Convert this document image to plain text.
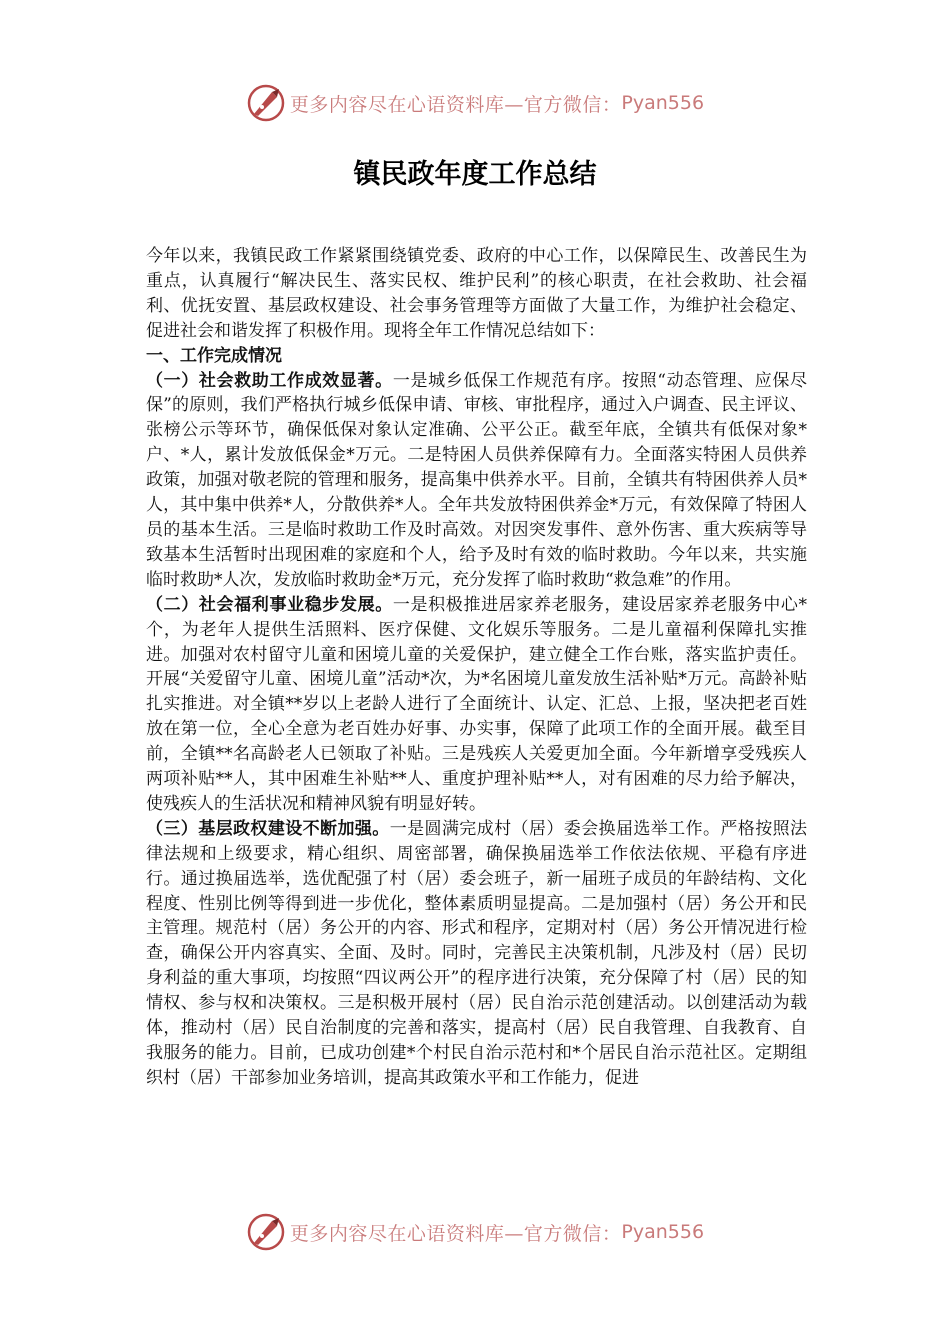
更多内容尽在心语资料库—官方微信： Pyan556
镇民政年度工作总结

今年以来，我镇民政工作紧紧围绕镇党委、政府的中心工作，以保障民生、改善民生为重点，认真履行“解决民生、落实民权、维护民利”的核心职责，在社会救助、社会福利、优抚安置、基层政权建设、社会事务管理等方面做了大量工作，为维护社会稳定、促进社会和谐发挥了积极作用。现将全年工作情况总结如下：

一、工作完成情况

（一）社会救助工作成效显著。一是城乡低保工作规范有序。按照“动态管理、应保尽保”的原则，我们严格执行城乡低保申请、审核、审批程序，通过入户调查、民主评议、张榜公示等环节，确保低保对象认定准确、公平公正。截至年底，全镇共有低保对象*户、*人，累计发放低保金*万元。二是特困人员供养保障有力。全面落实特困人员供养政策，加强对敬老院的管理和服务，提高集中供养水平。目前，全镇共有特困供养人员*人，其中集中供养*人，分散供养*人。全年共发放特困供养金*万元，有效保障了特困人员的基本生活。三是临时救助工作及时高效。对因突发事件、意外伤害、重大疾病等导致基本生活暂时出现困难的家庭和个人，给予及时有效的临时救助。今年以来，共实施临时救助*人次，发放临时救助金*万元，充分发挥了临时救助“救急难”的作用。

（二）社会福利事业稳步发展。一是积极推进居家养老服务，建设居家养老服务中心*个，为老年人提供生活照料、医疗保健、文化娱乐等服务。二是儿童福利保障扎实推进。加强对农村留守儿童和困境儿童的关爱保护，建立健全工作台账，落实监护责任。开展“关爱留守儿童、困境儿童”活动*次，为*名困境儿童发放生活补贴*万元。高龄补贴扎实推进。对全镇**岁以上老龄人进行了全面统计、认定、汇总、上报，坚决把老百姓放在第一位，全心全意为老百姓办好事、办实事，保障了此项工作的全面开展。截至目前，全镇**名高龄老人已领取了补贴。三是残疾人关爱更加全面。今年新增享受残疾人两项补贴**人，其中困难生补贴**人、重度护理补贴**人，对有困难的尽力给予解决，使残疾人的生活状况和精神风貌有明显好转。

（三）基层政权建设不断加强。一是圆满完成村（居）委会换届选举工作。严格按照法律法规和上级要求，精心组织、周密部署，确保换届选举工作依法依规、平稳有序进行。通过换届选举，选优配强了村（居）委会班子，新一届班子成员的年龄结构、文化程度、性别比例等得到进一步优化，整体素质明显提高。二是加强村（居）务公开和民主管理。规范村（居）务公开的内容、形式和程序，定期对村（居）务公开情况进行检查，确保公开内容真实、全面、及时。同时，完善民主决策机制，凡涉及村（居）民切身利益的重大事项，均按照“四议两公开”的程序进行决策，充分保障了村（居）民的知情权、参与权和决策权。三是积极开展村（居）民自治示范创建活动。以创建活动为载体，推动村（居）民自治制度的完善和落实，提高村（居）民自我管理、自我教育、自我服务的能力。目前，已成功创建*个村民自治示范村和*个居民自治示范社区。定期组织村（居）干部参加业务培训，提高其政策水平和工作能力，促进

更多内容尽在心语资料库—官方微信： Pyan556
